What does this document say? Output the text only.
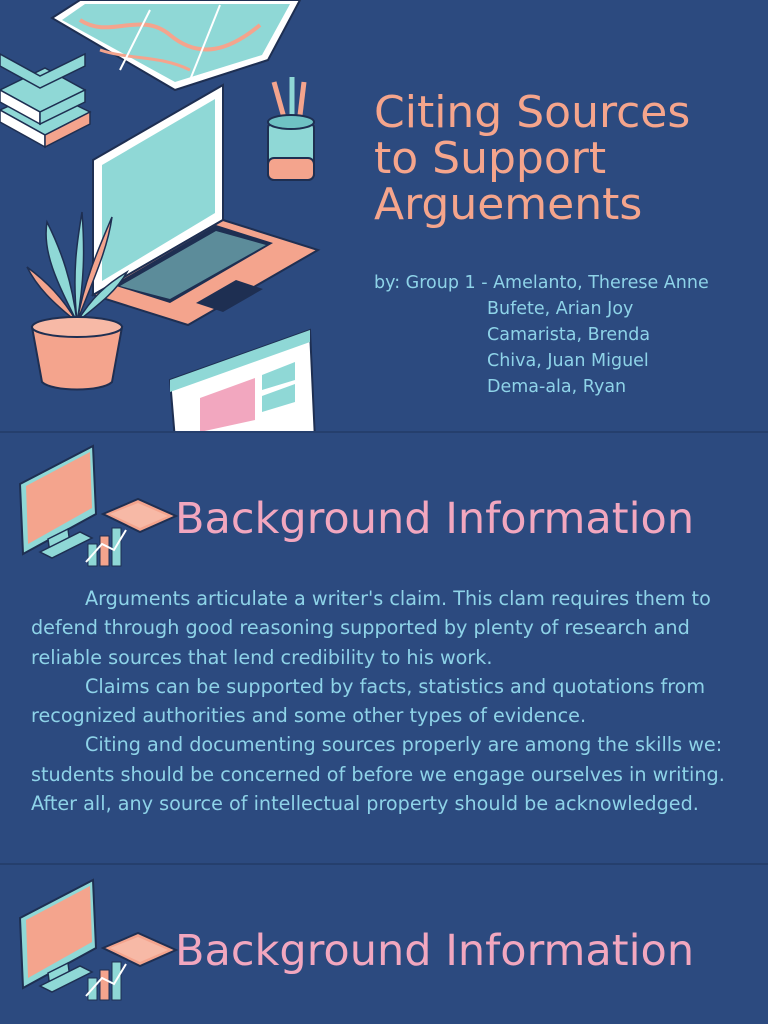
Citing Sources
to Support
Arguements
by: Group 1 - Amelanto, Therese Anne
Bufete, Arian Joy
Camarista, Brenda
Chiva, Juan Miguel
Dema-ala, Ryan
Background Information

Arguments articulate a writer's claim. This clam requires them to defend through good reasoning supported by plenty of research and reliable sources that lend credibility to his work.

Claims can be supported by facts, statistics and quotations from recognized authorities and some other types of evidence.

Citing and documenting sources properly are among the skills we: students should be concerned of before we engage ourselves in writing. After all, any source of intellectual property should be acknowledged.

Background Information
